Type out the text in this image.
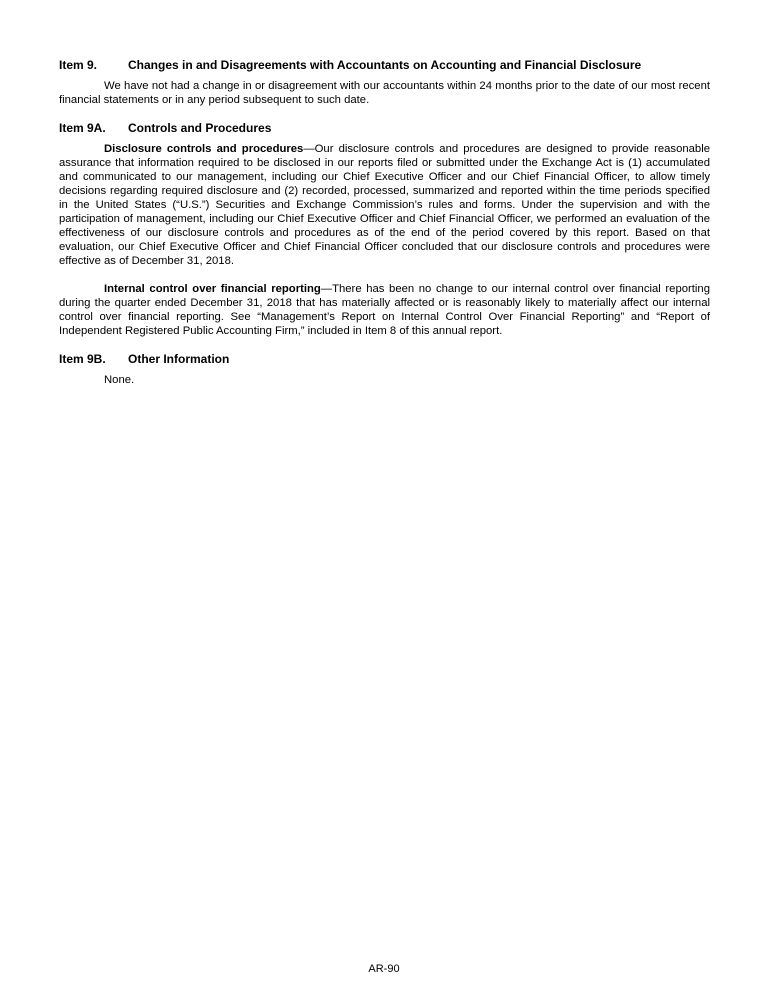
Item 9.	Changes in and Disagreements with Accountants on Accounting and Financial Disclosure

We have not had a change in or disagreement with our accountants within 24 months prior to the date of our most recent financial statements or in any period subsequent to such date.

Item 9A.	Controls and Procedures

Disclosure controls and procedures—Our disclosure controls and procedures are designed to provide reasonable assurance that information required to be disclosed in our reports filed or submitted under the Exchange Act is (1) accumulated and communicated to our management, including our Chief Executive Officer and our Chief Financial Officer, to allow timely decisions regarding required disclosure and (2) recorded, processed, summarized and reported within the time periods specified in the United States (“U.S.”) Securities and Exchange Commission’s rules and forms. Under the supervision and with the participation of management, including our Chief Executive Officer and Chief Financial Officer, we performed an evaluation of the effectiveness of our disclosure controls and procedures as of the end of the period covered by this report. Based on that evaluation, our Chief Executive Officer and Chief Financial Officer concluded that our disclosure controls and procedures were effective as of December 31, 2018.

Internal control over financial reporting—There has been no change to our internal control over financial reporting during the quarter ended December 31, 2018 that has materially affected or is reasonably likely to materially affect our internal control over financial reporting. See “Management’s Report on Internal Control Over Financial Reporting” and “Report of Independent Registered Public Accounting Firm,” included in Item 8 of this annual report.

Item 9B.	Other Information

None.

AR-90
